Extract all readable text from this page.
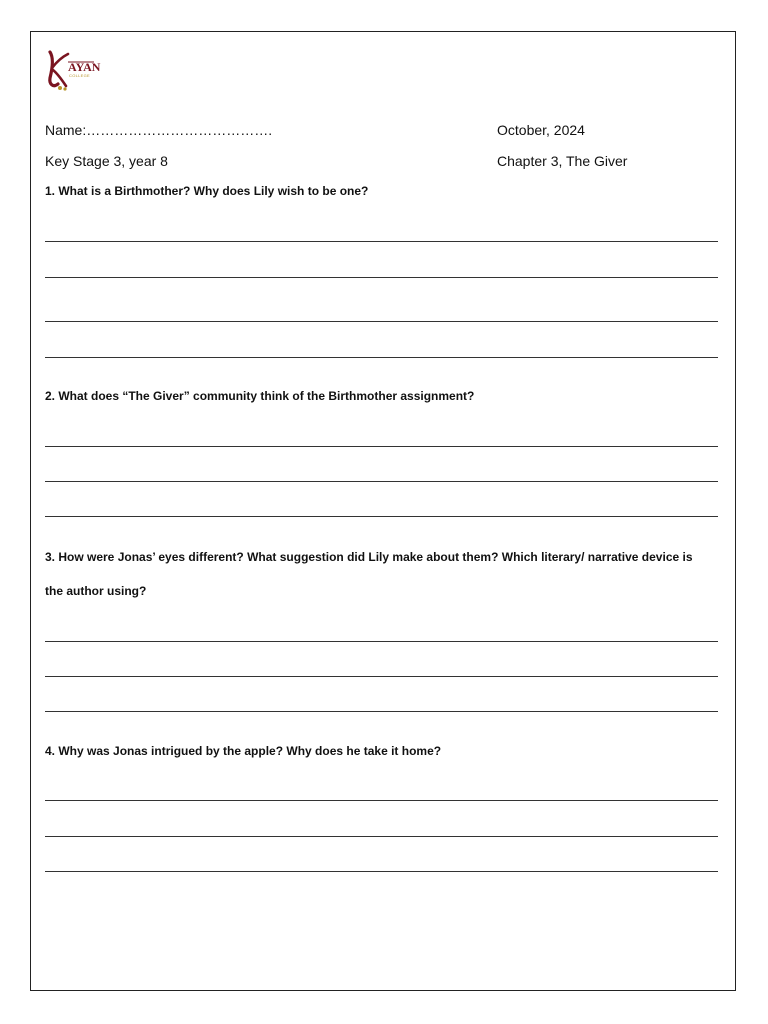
AYAN
COLLEGE
Name:………………………………….	October, 2024
Key Stage 3, year 8	Chapter 3, The Giver
1. What is a Birthmother? Why does Lily wish to be one?
2. What does “The Giver” community think of the Birthmother assignment?
3. How were Jonas’ eyes different? What suggestion did Lily make about them? Which literary/ narrative device is
the author using?
4. Why was Jonas intrigued by the apple? Why does he take it home?
